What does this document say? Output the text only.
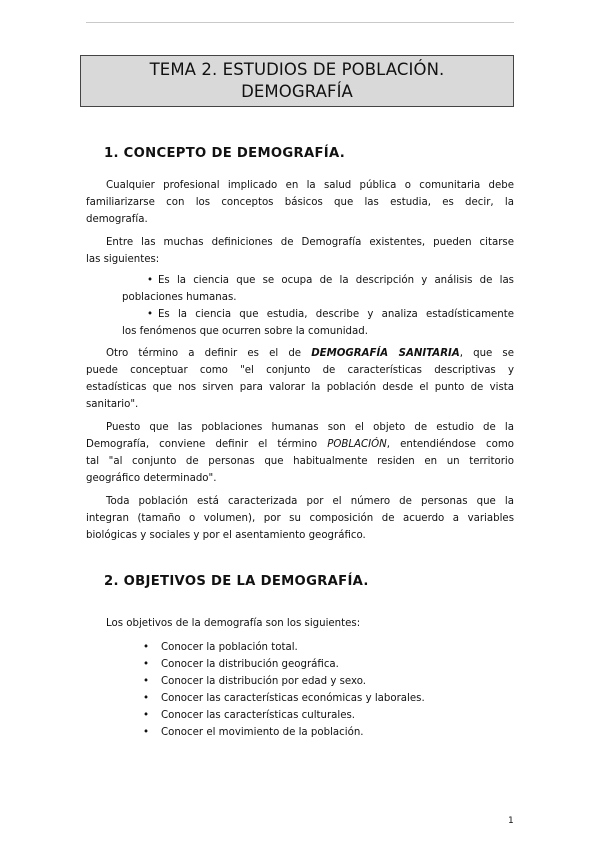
TEMA 2. ESTUDIOS DE POBLACIÓN.
DEMOGRAFÍA
1. CONCEPTO DE DEMOGRAFÍA.
Cualquier profesional implicado en la salud pública o comunitaria debe
familiarizarse con los conceptos básicos que las estudia, es decir, la
demografía.
Entre las muchas definiciones de Demografía existentes, pueden citarse
las siguientes:
• Es la ciencia que se ocupa de la descripción y análisis de las
poblaciones humanas.
• Es la ciencia que estudia, describe y analiza estadísticamente
los fenómenos que ocurren sobre la comunidad.
Otro término a definir es el de DEMOGRAFÍA SANITARIA, que se
puede conceptuar como "el conjunto de características descriptivas y
estadísticas que nos sirven para valorar la población desde el punto de vista
sanitario".
Puesto que las poblaciones humanas son el objeto de estudio de la
Demografía, conviene definir el término POBLACIÓN, entendiéndose como
tal "al conjunto de personas que habitualmente residen en un territorio
geográfico determinado".
Toda población está caracterizada por el número de personas que la
integran (tamaño o volumen), por su composición de acuerdo a variables
biológicas y sociales y por el asentamiento geográfico.
2. OBJETIVOS DE LA DEMOGRAFÍA.
Los objetivos de la demografía son los siguientes:
• Conocer la población total.
• Conocer la distribución geográfica.
• Conocer la distribución por edad y sexo.
• Conocer las características económicas y laborales.
• Conocer las características culturales.
• Conocer el movimiento de la población.
1
